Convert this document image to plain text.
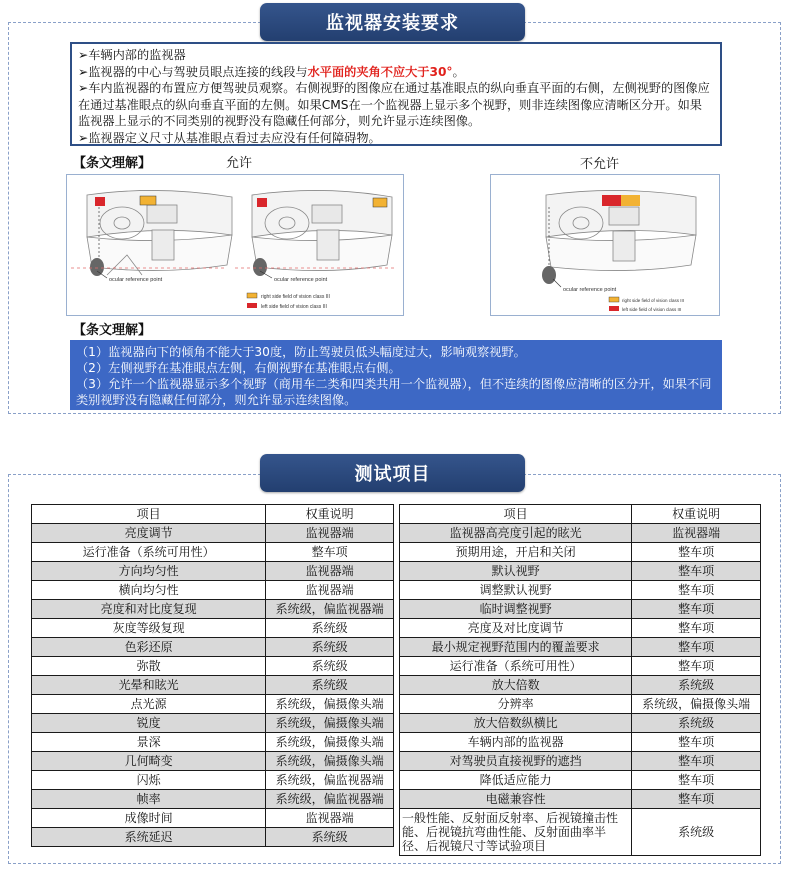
监视器安装要求
➢车辆内部的监视器
➢监视器的中心与驾驶员眼点连接的线段与水平面的夹角不应大于30°。
➢车内监视器的布置应方便驾驶员观察。右侧视野的图像应在通过基准眼点的纵向垂直平面的右侧，左侧视野的图像应在通过基准眼点的纵向垂直平面的左侧。如果CMS在一个监视器上显示多个视野，则非连续图像应清晰区分开。如果监视器上显示的不同类别的视野没有隐藏任何部分，则允许显示连续图像。
➢监视器定义尺寸从基准眼点看过去应没有任何障碍物。
【条文理解】	允许	不允许
ocular reference point	ocular reference point
right side field of vision class III
left side field of vision class III
ocular reference point
right side field of vision class III
left side field of vision class III
【条文理解】
（1）监视器向下的倾角不能大于30度，防止驾驶员低头幅度过大，影响观察视野。
（2）左侧视野在基准眼点左侧，右侧视野在基准眼点右侧。
（3）允许一个监视器显示多个视野（商用车二类和四类共用一个监视器），但不连续的图像应清晰的区分开，如果不同类别视野没有隐藏任何部分，则允许显示连续图像。
测试项目
项目	权重说明
亮度调节	监视器端
运行准备（系统可用性）	整车项
方向均匀性	监视器端
横向均匀性	监视器端
亮度和对比度复现	系统级，偏监视器端
灰度等级复现	系统级
色彩还原	系统级
弥散	系统级
光晕和眩光	系统级
点光源	系统级，偏摄像头端
锐度	系统级，偏摄像头端
景深	系统级，偏摄像头端
几何畸变	系统级，偏摄像头端
闪烁	系统级，偏监视器端
帧率	系统级，偏监视器端
成像时间	监视器端
系统延迟	系统级
项目	权重说明
监视器高亮度引起的眩光	监视器端
预期用途，开启和关闭	整车项
默认视野	整车项
调整默认视野	整车项
临时调整视野	整车项
亮度及对比度调节	整车项
最小规定视野范围内的覆盖要求	整车项
运行准备（系统可用性）	整车项
放大倍数	系统级
分辨率	系统级，偏摄像头端
放大倍数纵横比	系统级
车辆内部的监视器	整车项
对驾驶员直接视野的遮挡	整车项
降低适应能力	整车项
电磁兼容性	整车项
一般性能、反射面反射率、后视镜撞击性能、后视镜抗弯曲性能、反射面曲率半径、后视镜尺寸等试验项目	系统级
